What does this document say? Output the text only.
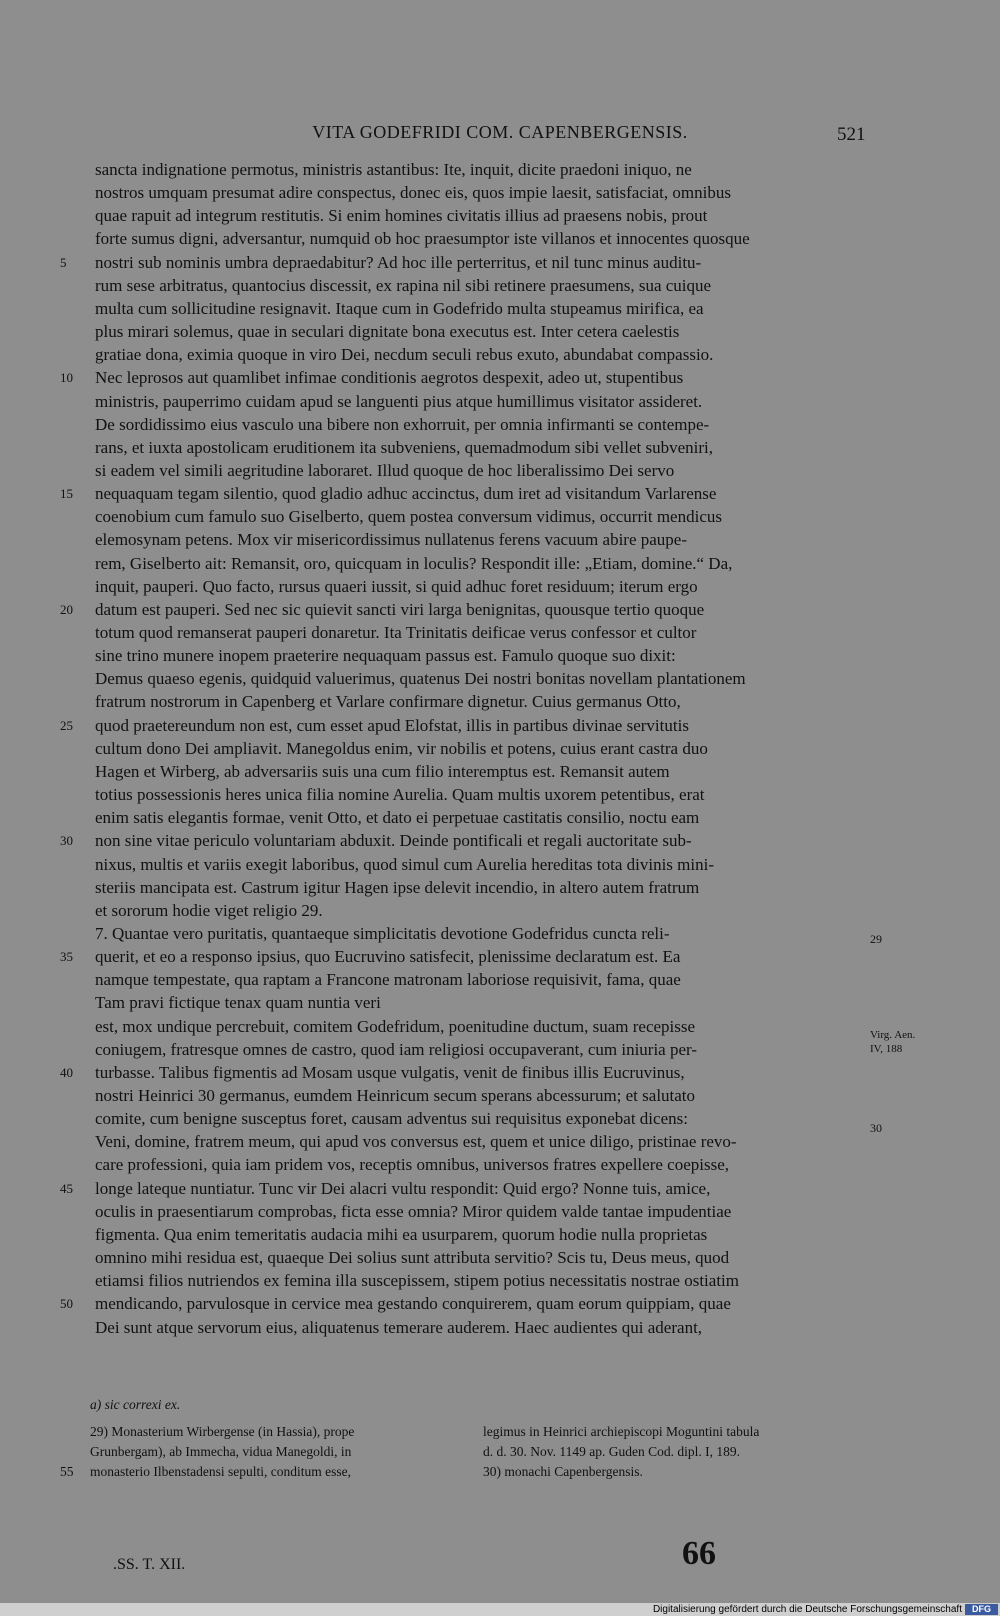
VITA GODEFRIDI COM. CAPENBERGENSIS.	521
sancta indignatione permotus, ministris astantibus: Ite, inquit, dicite praedoni iniquo, ne
nostros umquam presumat adire conspectus, donec eis, quos impie laesit, satisfaciat, omnibus
quae rapuit ad integrum restitutis. Si enim homines civitatis illius ad praesens nobis, prout
forte sumus digni, adversantur, numquid ob hoc praesumptor iste villanos et innocentes quosque
nostri sub nominis umbra depraedabitur? Ad hoc ille perterritus, et nil tunc minus auditu-
rum sese arbitratus, quantocius discessit, ex rapina nil sibi retinere praesumens, sua cuique
multa cum sollicitudine resignavit. Itaque cum in Godefrido multa stupeamus mirifica, ea
plus mirari solemus, quae in seculari dignitate bona executus est. Inter cetera caelestis
gratiae dona, eximia quoque in viro Dei, necdum seculi rebus exuto, abundabat compassio.
Nec leprosos aut quamlibet infimae conditionis aegrotos despexit, adeo ut, stupentibus
ministris, pauperrimo cuidam apud se languenti pius atque humillimus visitator assideret.
De sordidissimo eius vasculo una bibere non exhorruit, per omnia infirmanti se contempe-
rans, et iuxta apostolicam eruditionem ita subveniens, quemadmodum sibi vellet subveniri,
si eadem vel simili aegritudine laboraret. Illud quoque de hoc liberalissimo Dei servo
nequaquam tegam silentio, quod gladio adhuc accinctus, dum iret ad visitandum Varlarense
coenobium cum famulo suo Giselberto, quem postea conversum vidimus, occurrit mendicus
elemosynam petens. Mox vir misericordissimus nullatenus ferens vacuum abire paupe-
rem, Giselberto ait: Remansit, oro, quicquam in loculis? Respondit ille: „Etiam, domine.“ Da,
inquit, pauperi. Quo facto, rursus quaeri iussit, si quid adhuc foret residuum; iterum ergo
datum est pauperi. Sed nec sic quievit sancti viri larga benignitas, quousque tertio quoque
totum quod remanserat pauperi donaretur. Ita Trinitatis deificae verus confessor et cultor
sine trino munere inopem praeterire nequaquam passus est. Famulo quoque suo dixit:
Demus quaeso egenis, quidquid valuerimus, quatenus Dei nostri bonitas novellam plantationem
fratrum nostrorum in Capenberg et Varlare confirmare dignetur. Cuius germanus Otto,
quod praetereundum non est, cum esset apud Elofstat, illis in partibus divinae servitutis
cultum dono Dei ampliavit. Manegoldus enim, vir nobilis et potens, cuius erant castra duo
Hagen et Wirberg, ab adversariis suis una cum filio interemptus est. Remansit autem
totius possessionis heres unica filia nomine Aurelia. Quam multis uxorem petentibus, erat
enim satis elegantis formae, venit Otto, et dato ei perpetuae castitatis consilio, noctu eam
non sine vitae periculo voluntariam abduxit. Deinde pontificali et regali auctoritate sub-
nixus, multis et variis exegit laboribus, quod simul cum Aurelia hereditas tota divinis mini-
steriis mancipata est. Castrum igitur Hagen ipse delevit incendio, in altero autem fratrum
et sororum hodie viget religio 29.
7. Quantae vero puritatis, quantaeque simplicitatis devotione Godefridus cuncta reli-
querit, et eo a responso ipsius, quo Eucruvino satisfecit, plenissime declaratum est. Ea
namque tempestate, qua raptam a Francone matronam laboriose requisivit, fama, quae
Tam pravi fictique tenax quam nuntia veri
est, mox undique percrebuit, comitem Godefridum, poenitudine ductum, suam recepisse
coniugem, fratresque omnes de castro, quod iam religiosi occupaverant, cum iniuria per-
turbasse. Talibus figmentis ad Mosam usque vulgatis, venit de finibus illis Eucruvinus,
nostri Heinrici 30 germanus, eumdem Heinricum secum sperans abcessurum; et salutato
comite, cum benigne susceptus foret, causam adventus sui requisitus exponebat dicens:
Veni, domine, fratrem meum, qui apud vos conversus est, quem et unice diligo, pristinae revo-
care professioni, quia iam pridem vos, receptis omnibus, universos fratres expellere coepisse,
longe lateque nuntiatur. Tunc vir Dei alacri vultu respondit: Quid ergo? Nonne tuis, amice,
oculis in praesentiarum comprobas, ficta esse omnia? Miror quidem valde tantae impudentiae
figmenta. Qua enim temeritatis audacia mihi ea usurparem, quorum hodie nulla proprietas
omnino mihi residua est, quaeque Dei solius sunt attributa servitio? Scis tu, Deus meus, quod
etiamsi filios nutriendos ex femina illa suscepissem, stipem potius necessitatis nostrae ostiatim
mendicando, parvulosque in cervice mea gestando conquirerem, quam eorum quippiam, quae
Dei sunt atque servorum eius, aliquatenus temerare auderem. Haec audientes qui aderant,
5
10
15
20
25
30
35
40
45
50
29
Virg. Aen.
IV, 188
30
a) sic correxi ex.
29) Monasterium Wirbergense (in Hassia), prope
Grunbergam), ab Immecha, vidua Manegoldi, in
55 monasterio Ilbenstadensi sepulti, conditum esse,
legimus in Heinrici archiepiscopi Moguntini tabula
d. d. 30. Nov. 1149 ap. Guden Cod. dipl. I, 189.
30) monachi Capenbergensis.
.SS. T. XII.	66
Digitalisierung gefördert durch die Deutsche Forschungsgemeinschaft	DFG
